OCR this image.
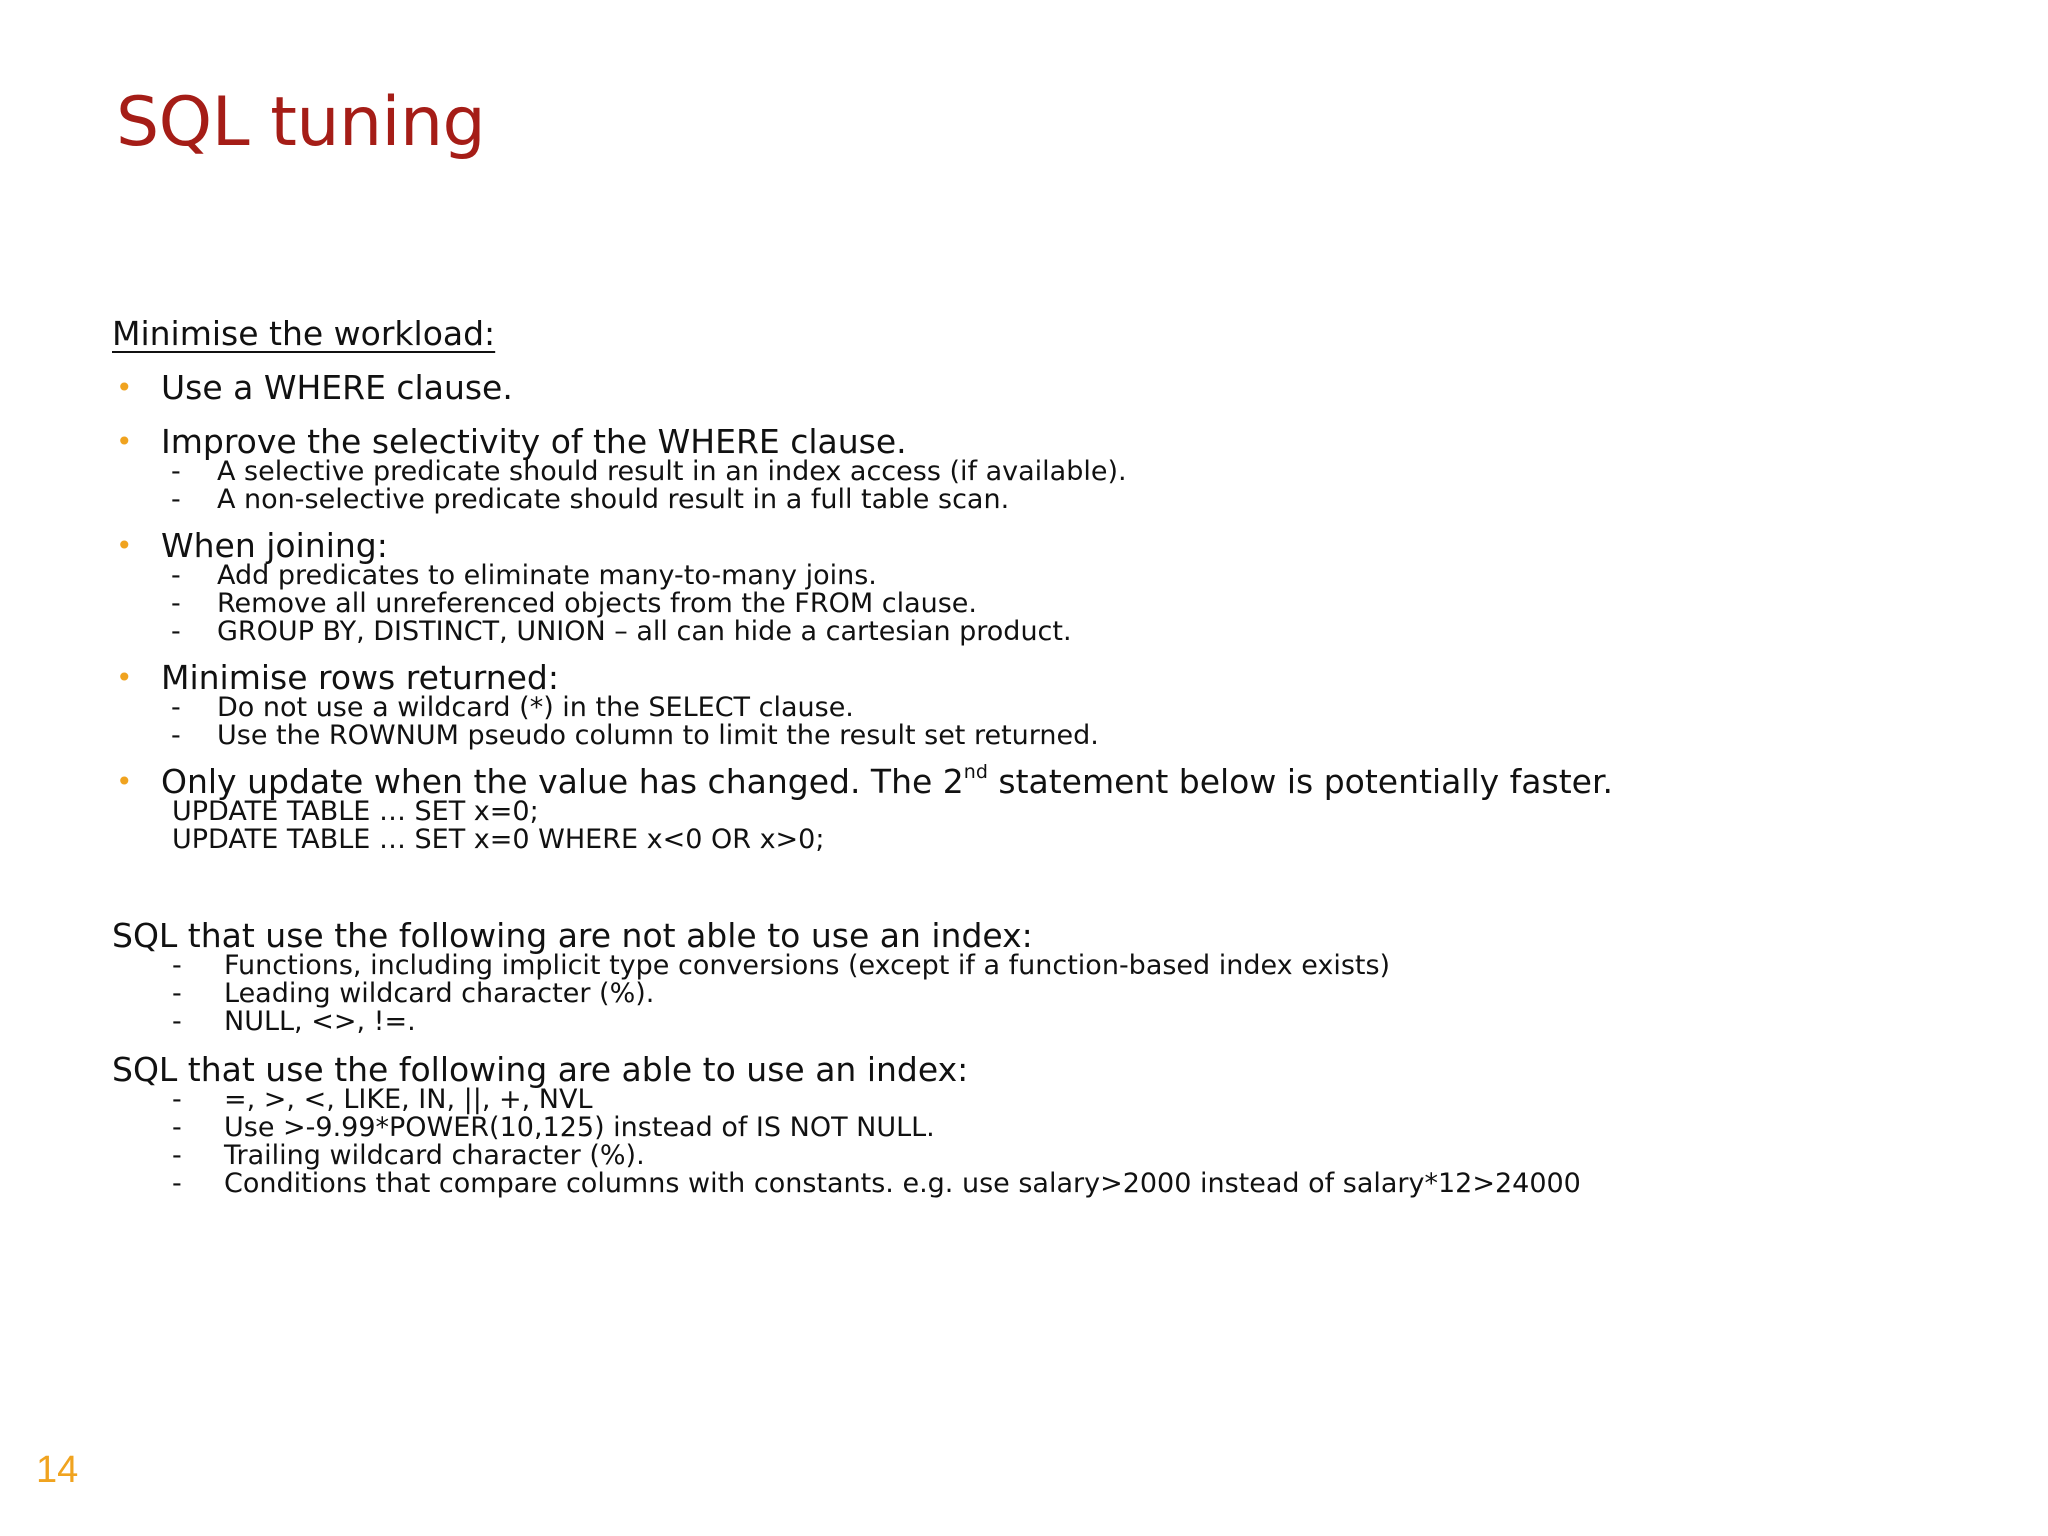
SQL tuning
Minimise the workload:
• Use a WHERE clause.
• Improve the selectivity of the WHERE clause.
- A selective predicate should result in an index access (if available).
- A non-selective predicate should result in a full table scan.
• When joining:
- Add predicates to eliminate many-to-many joins.
- Remove all unreferenced objects from the FROM clause.
- GROUP BY, DISTINCT, UNION – all can hide a cartesian product.
• Minimise rows returned:
- Do not use a wildcard (*) in the SELECT clause.
- Use the ROWNUM pseudo column to limit the result set returned.
• Only update when the value has changed. The 2nd statement below is potentially faster.
UPDATE TABLE … SET x=0;
UPDATE TABLE … SET x=0 WHERE x<0 OR x>0;
SQL that use the following are not able to use an index:
- Functions, including implicit type conversions (except if a function-based index exists)
- Leading wildcard character (%).
- NULL, <>, !=.
SQL that use the following are able to use an index:
- =, >, <, LIKE, IN, ||, +, NVL
- Use >-9.99*POWER(10,125) instead of IS NOT NULL.
- Trailing wildcard character (%).
- Conditions that compare columns with constants. e.g. use salary>2000 instead of salary*12>24000
14
